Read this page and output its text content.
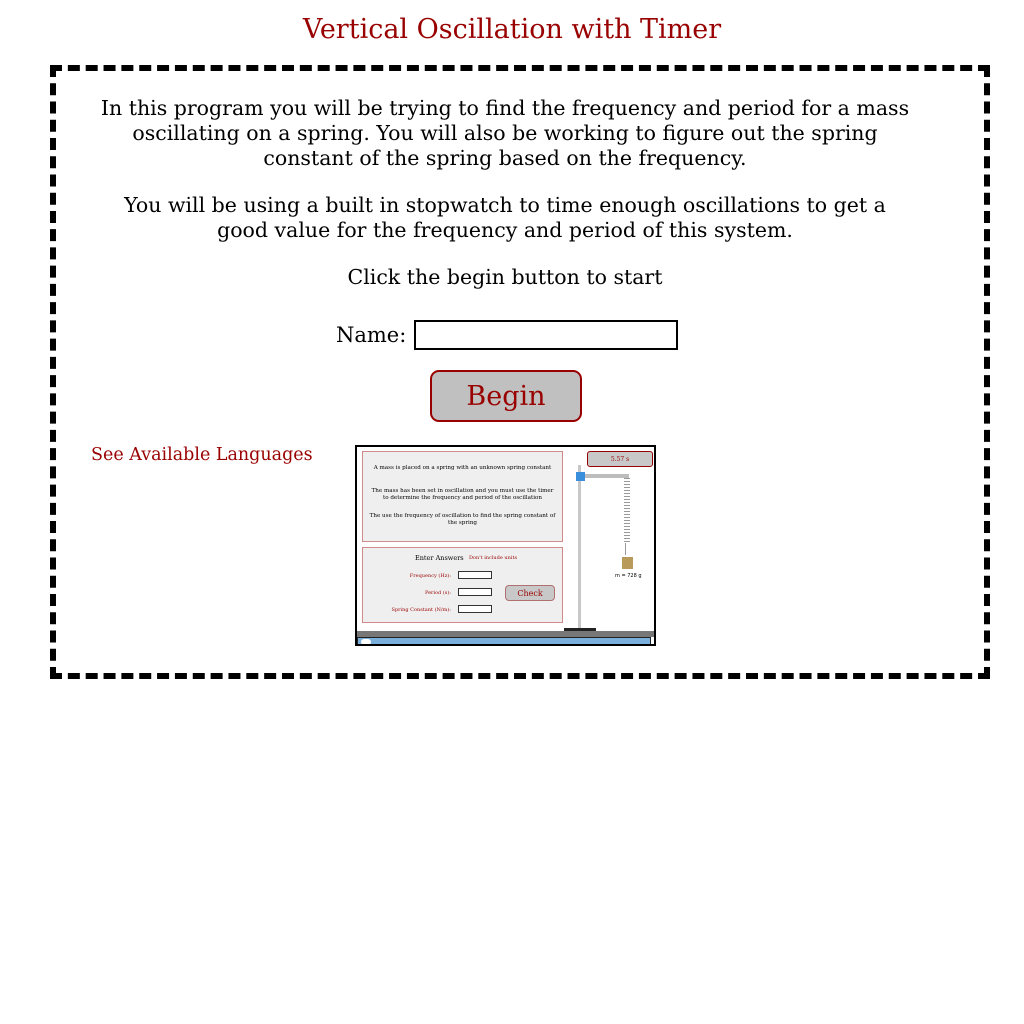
Vertical Oscillation with Timer

In this program you will be trying to find the frequency and period for a mass oscillating on a spring. You will also be working to figure out the spring constant of the spring based on the frequency.

You will be using a built in stopwatch to time enough oscillations to get a good value for the frequency and period of this system.

Click the begin button to start

Name:
Begin
See Available Languages

A mass is placed on a spring with an unknown spring constant

The mass has been set in oscillation and you must use the timer to determine the frequency and period of the oscillation

The use the frequency of oscillation to find the spring constant of the spring

Enter Answers Don't include units
Frequency (Hz):
Period (s):
Spring Constant (N/m):
Check
5.57 s
m = 728 g
